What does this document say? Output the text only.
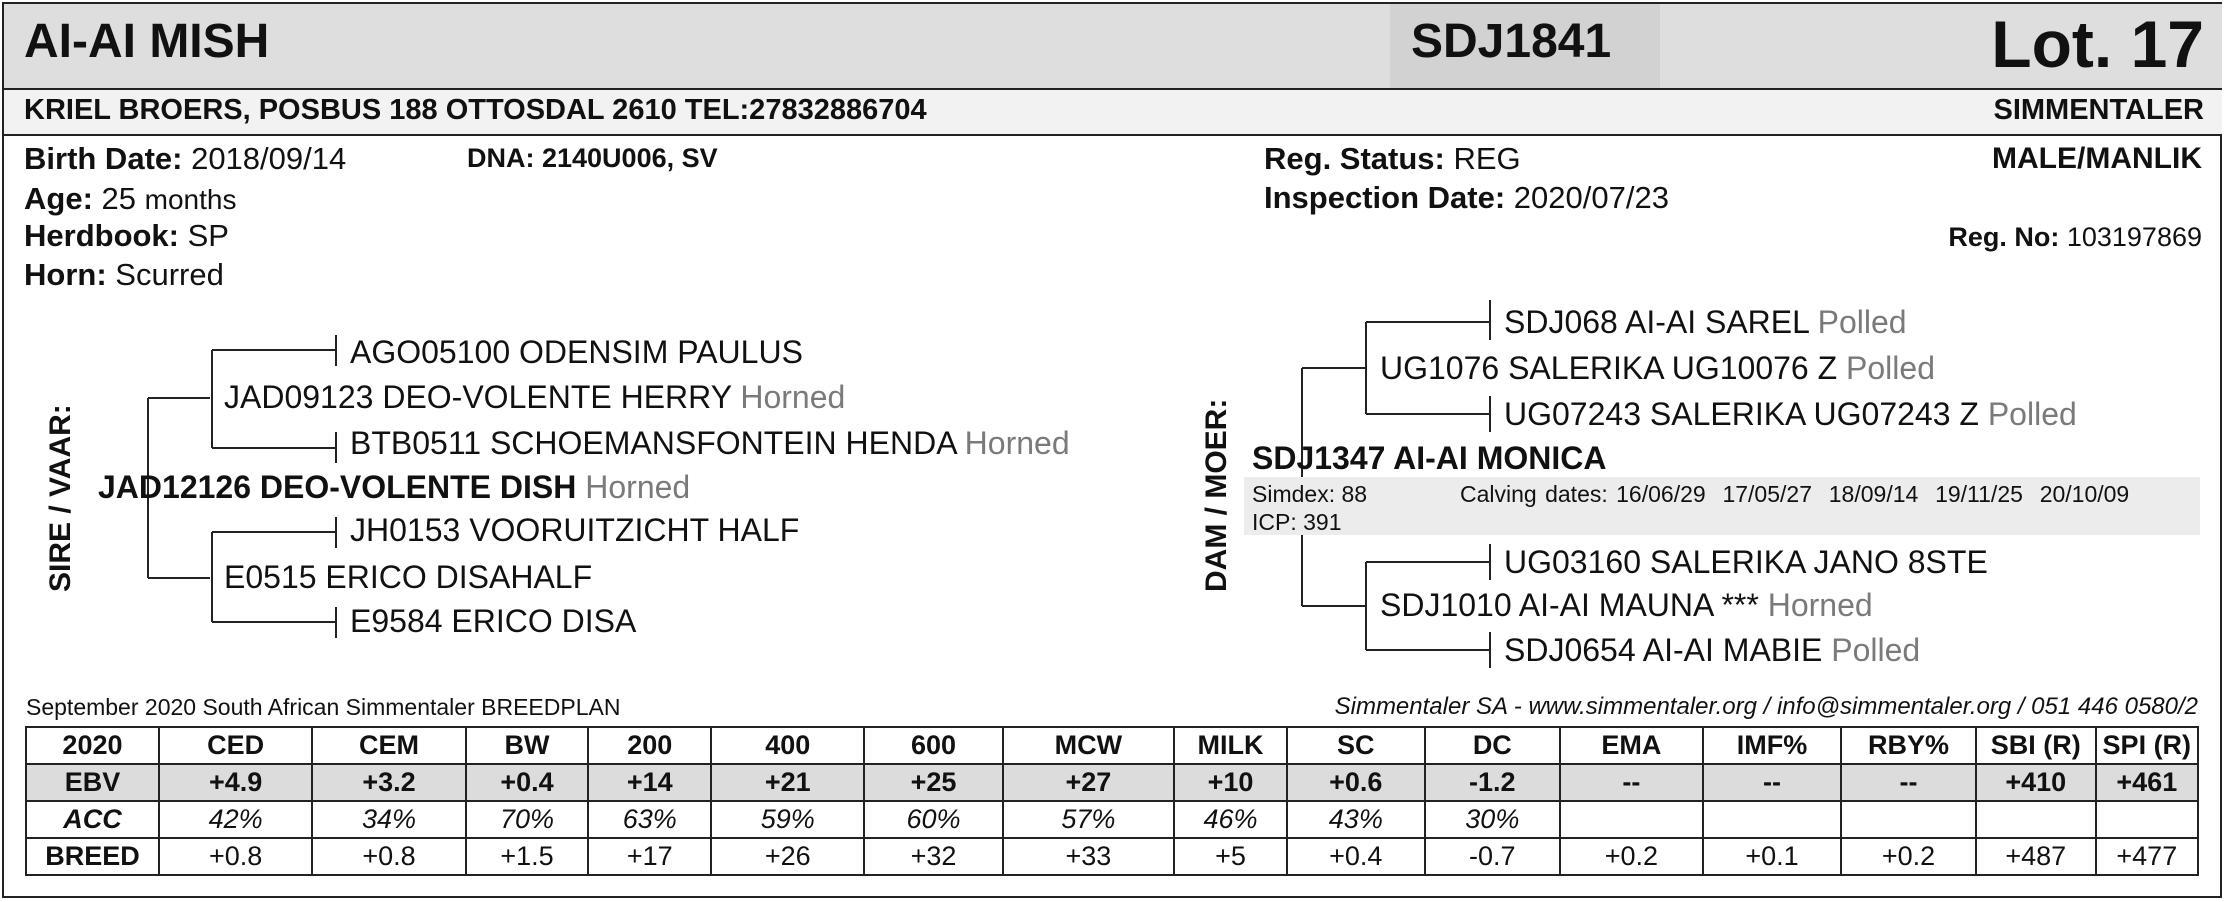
AI-AI MISH	SDJ1841	Lot. 17
KRIEL BROERS, POSBUS 188 OTTOSDAL 2610 TEL:27832886704	SIMMENTALER
Birth Date: 2018/09/14	DNA: 2140U006, SV
Age: 25 months
Herdbook: SP
Horn: Scurred
Reg. Status: REG
Inspection Date: 2020/07/23
MALE/MANLIK
Reg. No: 103197869
SIRE / VAAR:
AGO05100 ODENSIM PAULUS
JAD09123 DEO-VOLENTE HERRY Horned
BTB0511 SCHOEMANSFONTEIN HENDA Horned
JAD12126 DEO-VOLENTE DISH Horned
JH0153 VOORUITZICHT HALF
E0515 ERICO DISAHALF
E9584 ERICO DISA
DAM / MOER:
SDJ068 AI-AI SAREL Polled
UG1076 SALERIKA UG10076 Z Polled
UG07243 SALERIKA UG07243 Z Polled
SDJ1347 AI-AI MONICA
Simdex: 88
ICP: 391
Calving dates: 16/06/29 17/05/27 18/09/14 19/11/25 20/10/09
UG03160 SALERIKA JANO 8STE
SDJ1010 AI-AI MAUNA *** Horned
SDJ0654 AI-AI MABIE Polled
September 2020 South African Simmentaler BREEDPLAN	Simmentaler SA - www.simmentaler.org / info@simmentaler.org / 051 446 0580/2
2020	CED	CEM	BW	200	400	600	MCW	MILK	SC	DC	EMA	IMF%	RBY%	SBI (R)	SPI (R)
EBV	+4.9	+3.2	+0.4	+14	+21	+25	+27	+10	+0.6	-1.2	--	--	--	+410	+461
ACC	42%	34%	70%	63%	59%	60%	57%	46%	43%	30%					
BREED	+0.8	+0.8	+1.5	+17	+26	+32	+33	+5	+0.4	-0.7	+0.2	+0.1	+0.2	+487	+477
